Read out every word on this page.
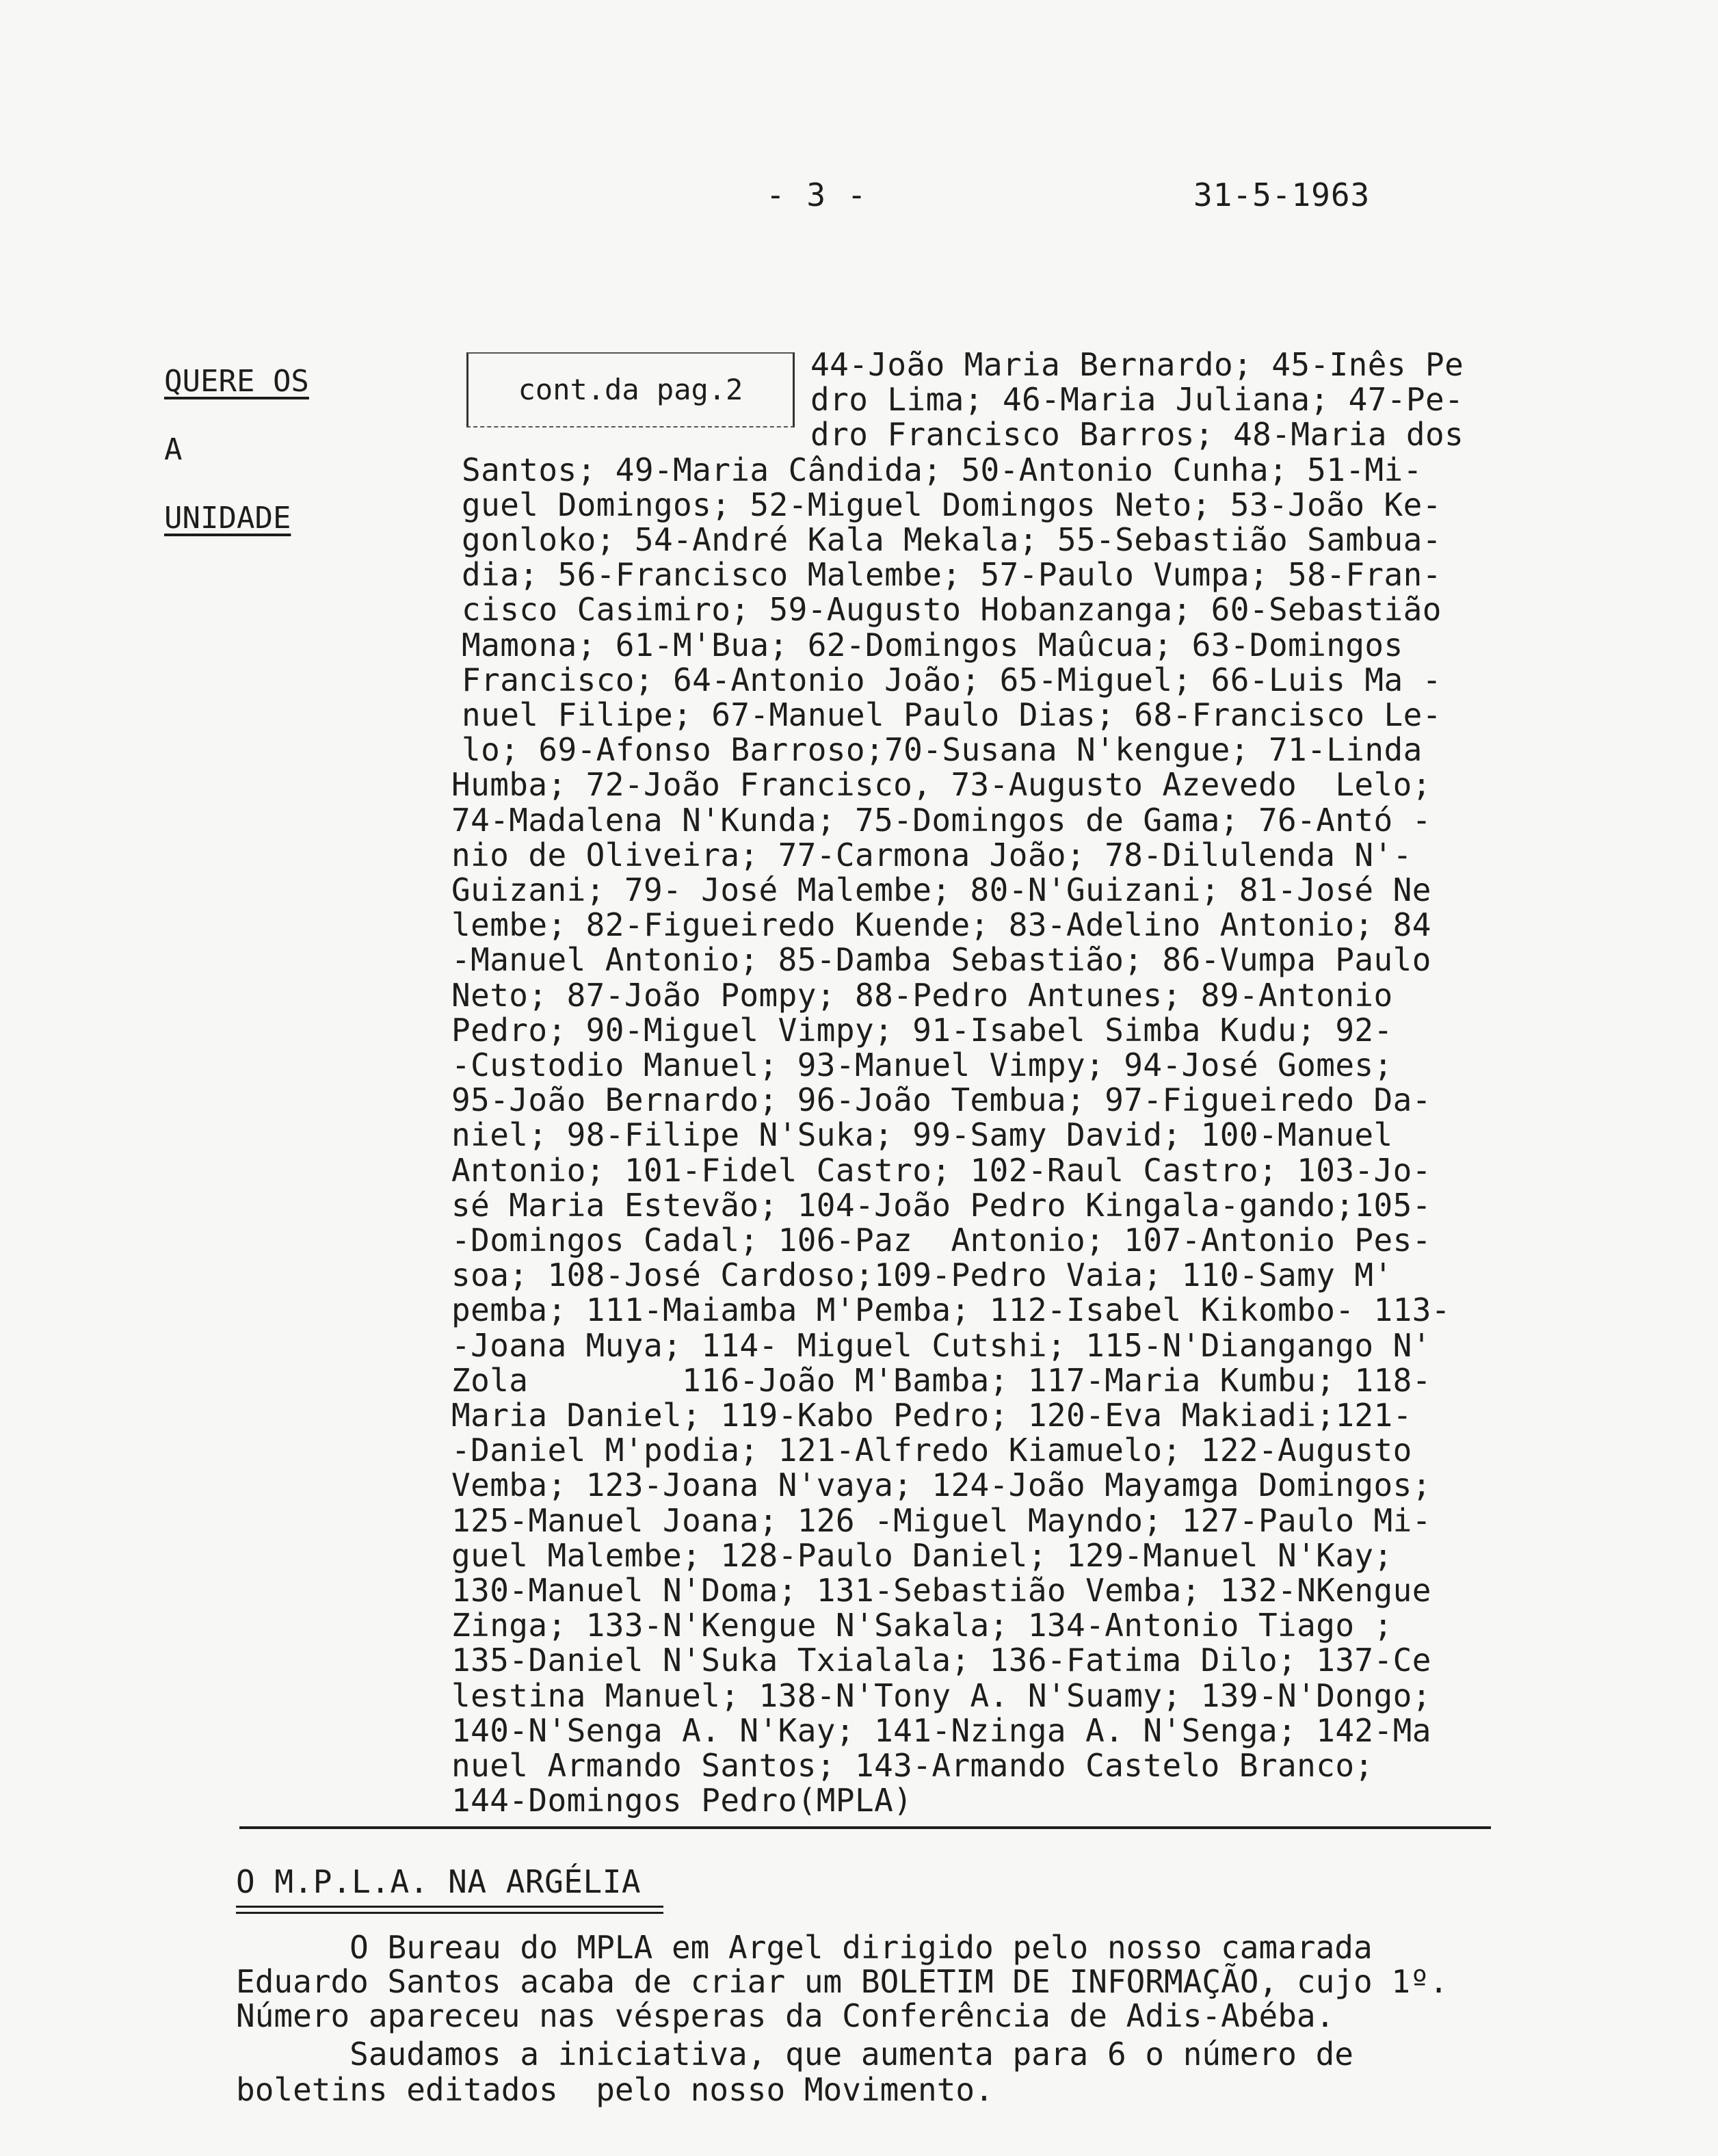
- 3 -	31-5-1963
QUERE OS
A
UNIDADE
cont.da pag.2
44-João Maria Bernardo; 45-Inês Pe
dro Lima; 46-Maria Juliana; 47-Pe-
dro Francisco Barros; 48-Maria dos
Santos; 49-Maria Cândida; 50-Antonio Cunha; 51-Mi-
guel Domingos; 52-Miguel Domingos Neto; 53-João Ke-
gonloko; 54-André Kala Mekala; 55-Sebastião Sambua-
dia; 56-Francisco Malembe; 57-Paulo Vumpa; 58-Fran-
cisco Casimiro; 59-Augusto Hobanzanga; 60-Sebastião
Mamona; 61-M'Bua; 62-Domingos Maûcua; 63-Domingos
Francisco; 64-Antonio João; 65-Miguel; 66-Luis Ma -
nuel Filipe; 67-Manuel Paulo Dias; 68-Francisco Le-
lo; 69-Afonso Barroso;70-Susana N'kengue; 71-Linda
Humba; 72-João Francisco, 73-Augusto Azevedo  Lelo;
74-Madalena N'Kunda; 75-Domingos de Gama; 76-Antó -
nio de Oliveira; 77-Carmona João; 78-Dilulenda N'-
Guizani; 79- José Malembe; 80-N'Guizani; 81-José Ne
lembe; 82-Figueiredo Kuende; 83-Adelino Antonio; 84
-Manuel Antonio; 85-Damba Sebastião; 86-Vumpa Paulo
Neto; 87-João Pompy; 88-Pedro Antunes; 89-Antonio
Pedro; 90-Miguel Vimpy; 91-Isabel Simba Kudu; 92-
-Custodio Manuel; 93-Manuel Vimpy; 94-José Gomes;
95-João Bernardo; 96-João Tembua; 97-Figueiredo Da-
niel; 98-Filipe N'Suka; 99-Samy David; 100-Manuel
Antonio; 101-Fidel Castro; 102-Raul Castro; 103-Jo-
sé Maria Estevão; 104-João Pedro Kingala-gando;105-
-Domingos Cadal; 106-Paz  Antonio; 107-Antonio Pes-
soa; 108-José Cardoso;109-Pedro Vaia; 110-Samy M'
pemba; 111-Maiamba M'Pemba; 112-Isabel Kikombo- 113-
-Joana Muya; 114- Miguel Cutshi; 115-N'Diangango N'
Zola        116-João M'Bamba; 117-Maria Kumbu; 118-
Maria Daniel; 119-Kabo Pedro; 120-Eva Makiadi;121-
-Daniel M'podia; 121-Alfredo Kiamuelo; 122-Augusto
Vemba; 123-Joana N'vaya; 124-João Mayamga Domingos;
125-Manuel Joana; 126 -Miguel Mayndo; 127-Paulo Mi-
guel Malembe; 128-Paulo Daniel; 129-Manuel N'Kay;
130-Manuel N'Doma; 131-Sebastião Vemba; 132-NKengue
Zinga; 133-N'Kengue N'Sakala; 134-Antonio Tiago ;
135-Daniel N'Suka Txialala; 136-Fatima Dilo; 137-Ce
lestina Manuel; 138-N'Tony A. N'Suamy; 139-N'Dongo;
140-N'Senga A. N'Kay; 141-Nzinga A. N'Senga; 142-Ma
nuel Armando Santos; 143-Armando Castelo Branco;
144-Domingos Pedro(MPLA)
O M.P.L.A. NA ARGÉLIA
O Bureau do MPLA em Argel dirigido pelo nosso camarada
Eduardo Santos acaba de criar um BOLETIM DE INFORMAÇÃO, cujo 1º.
Número apareceu nas vésperas da Conferência de Adis-Abéba.
Saudamos a iniciativa, que aumenta para 6 o número de
boletins editados  pelo nosso Movimento.
